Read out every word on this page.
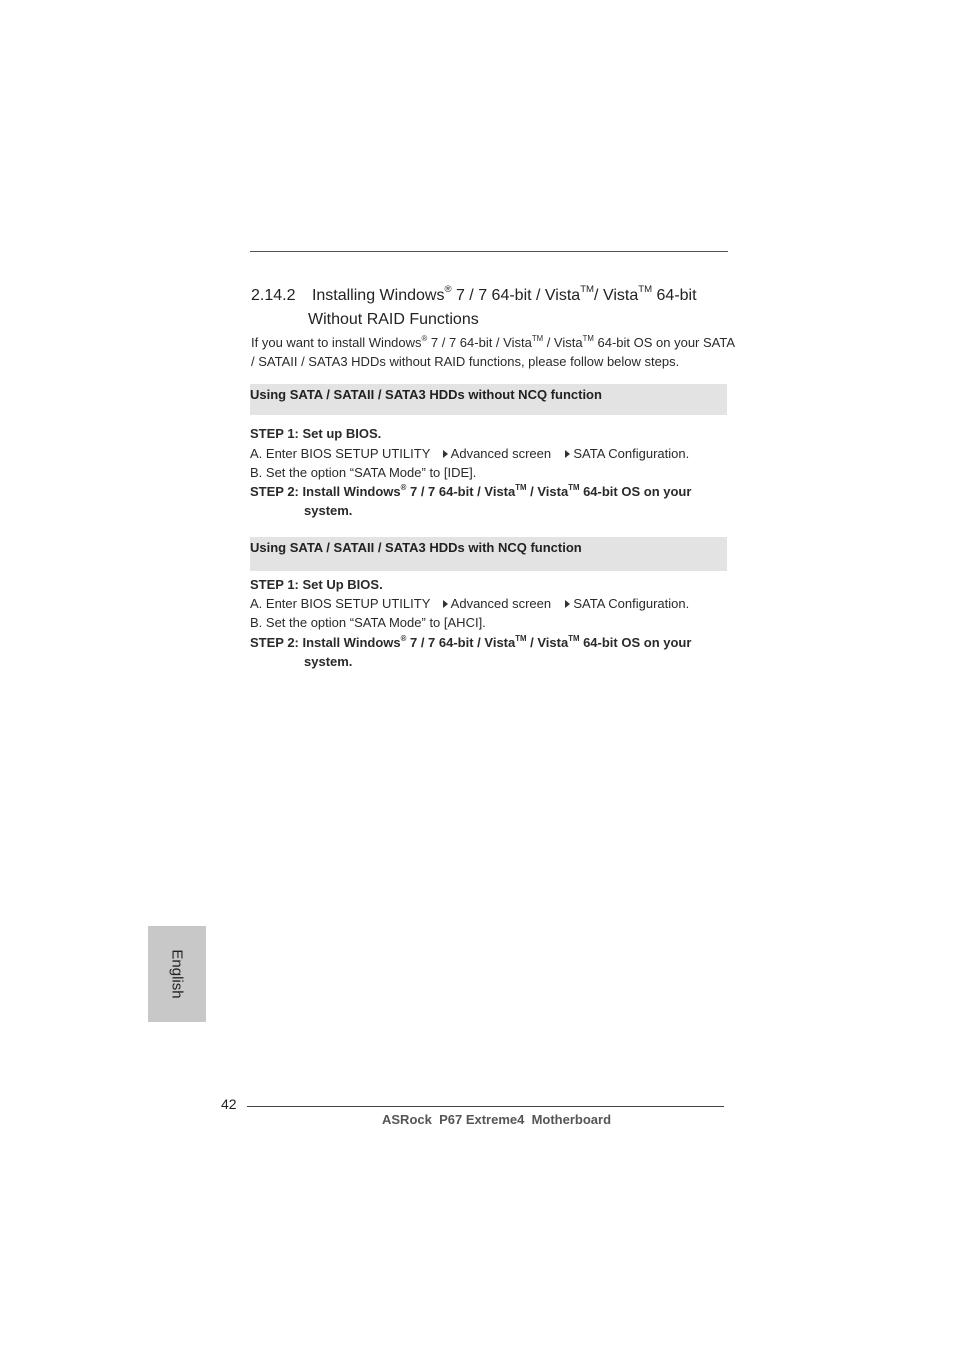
2.14.2 Installing Windows® 7 / 7 64-bit / Vista™/ Vista™ 64-bit
Without RAID Functions
If you want to install Windows® 7 / 7 64-bit / Vista™ / Vista™ 64-bit OS on your SATA
/ SATAII / SATA3 HDDs without RAID functions, please follow below steps.
Using SATA / SATAII / SATA3 HDDs without NCQ function
STEP 1: Set up BIOS.
A. Enter BIOS SETUP UTILITY Advanced screen SATA Configuration.
B. Set the option “SATA Mode” to [IDE].
STEP 2: Install Windows® 7 / 7 64-bit / Vista™ / Vista™ 64-bit OS on your
system.
Using SATA / SATAII / SATA3 HDDs with NCQ function
STEP 1: Set Up BIOS.
A. Enter BIOS SETUP UTILITY Advanced screen SATA Configuration.
B. Set the option “SATA Mode” to [AHCI].
STEP 2: Install Windows® 7 / 7 64-bit / Vista™ / Vista™ 64-bit OS on your
system.
English
42
ASRock  P67 Extreme4  Motherboard
